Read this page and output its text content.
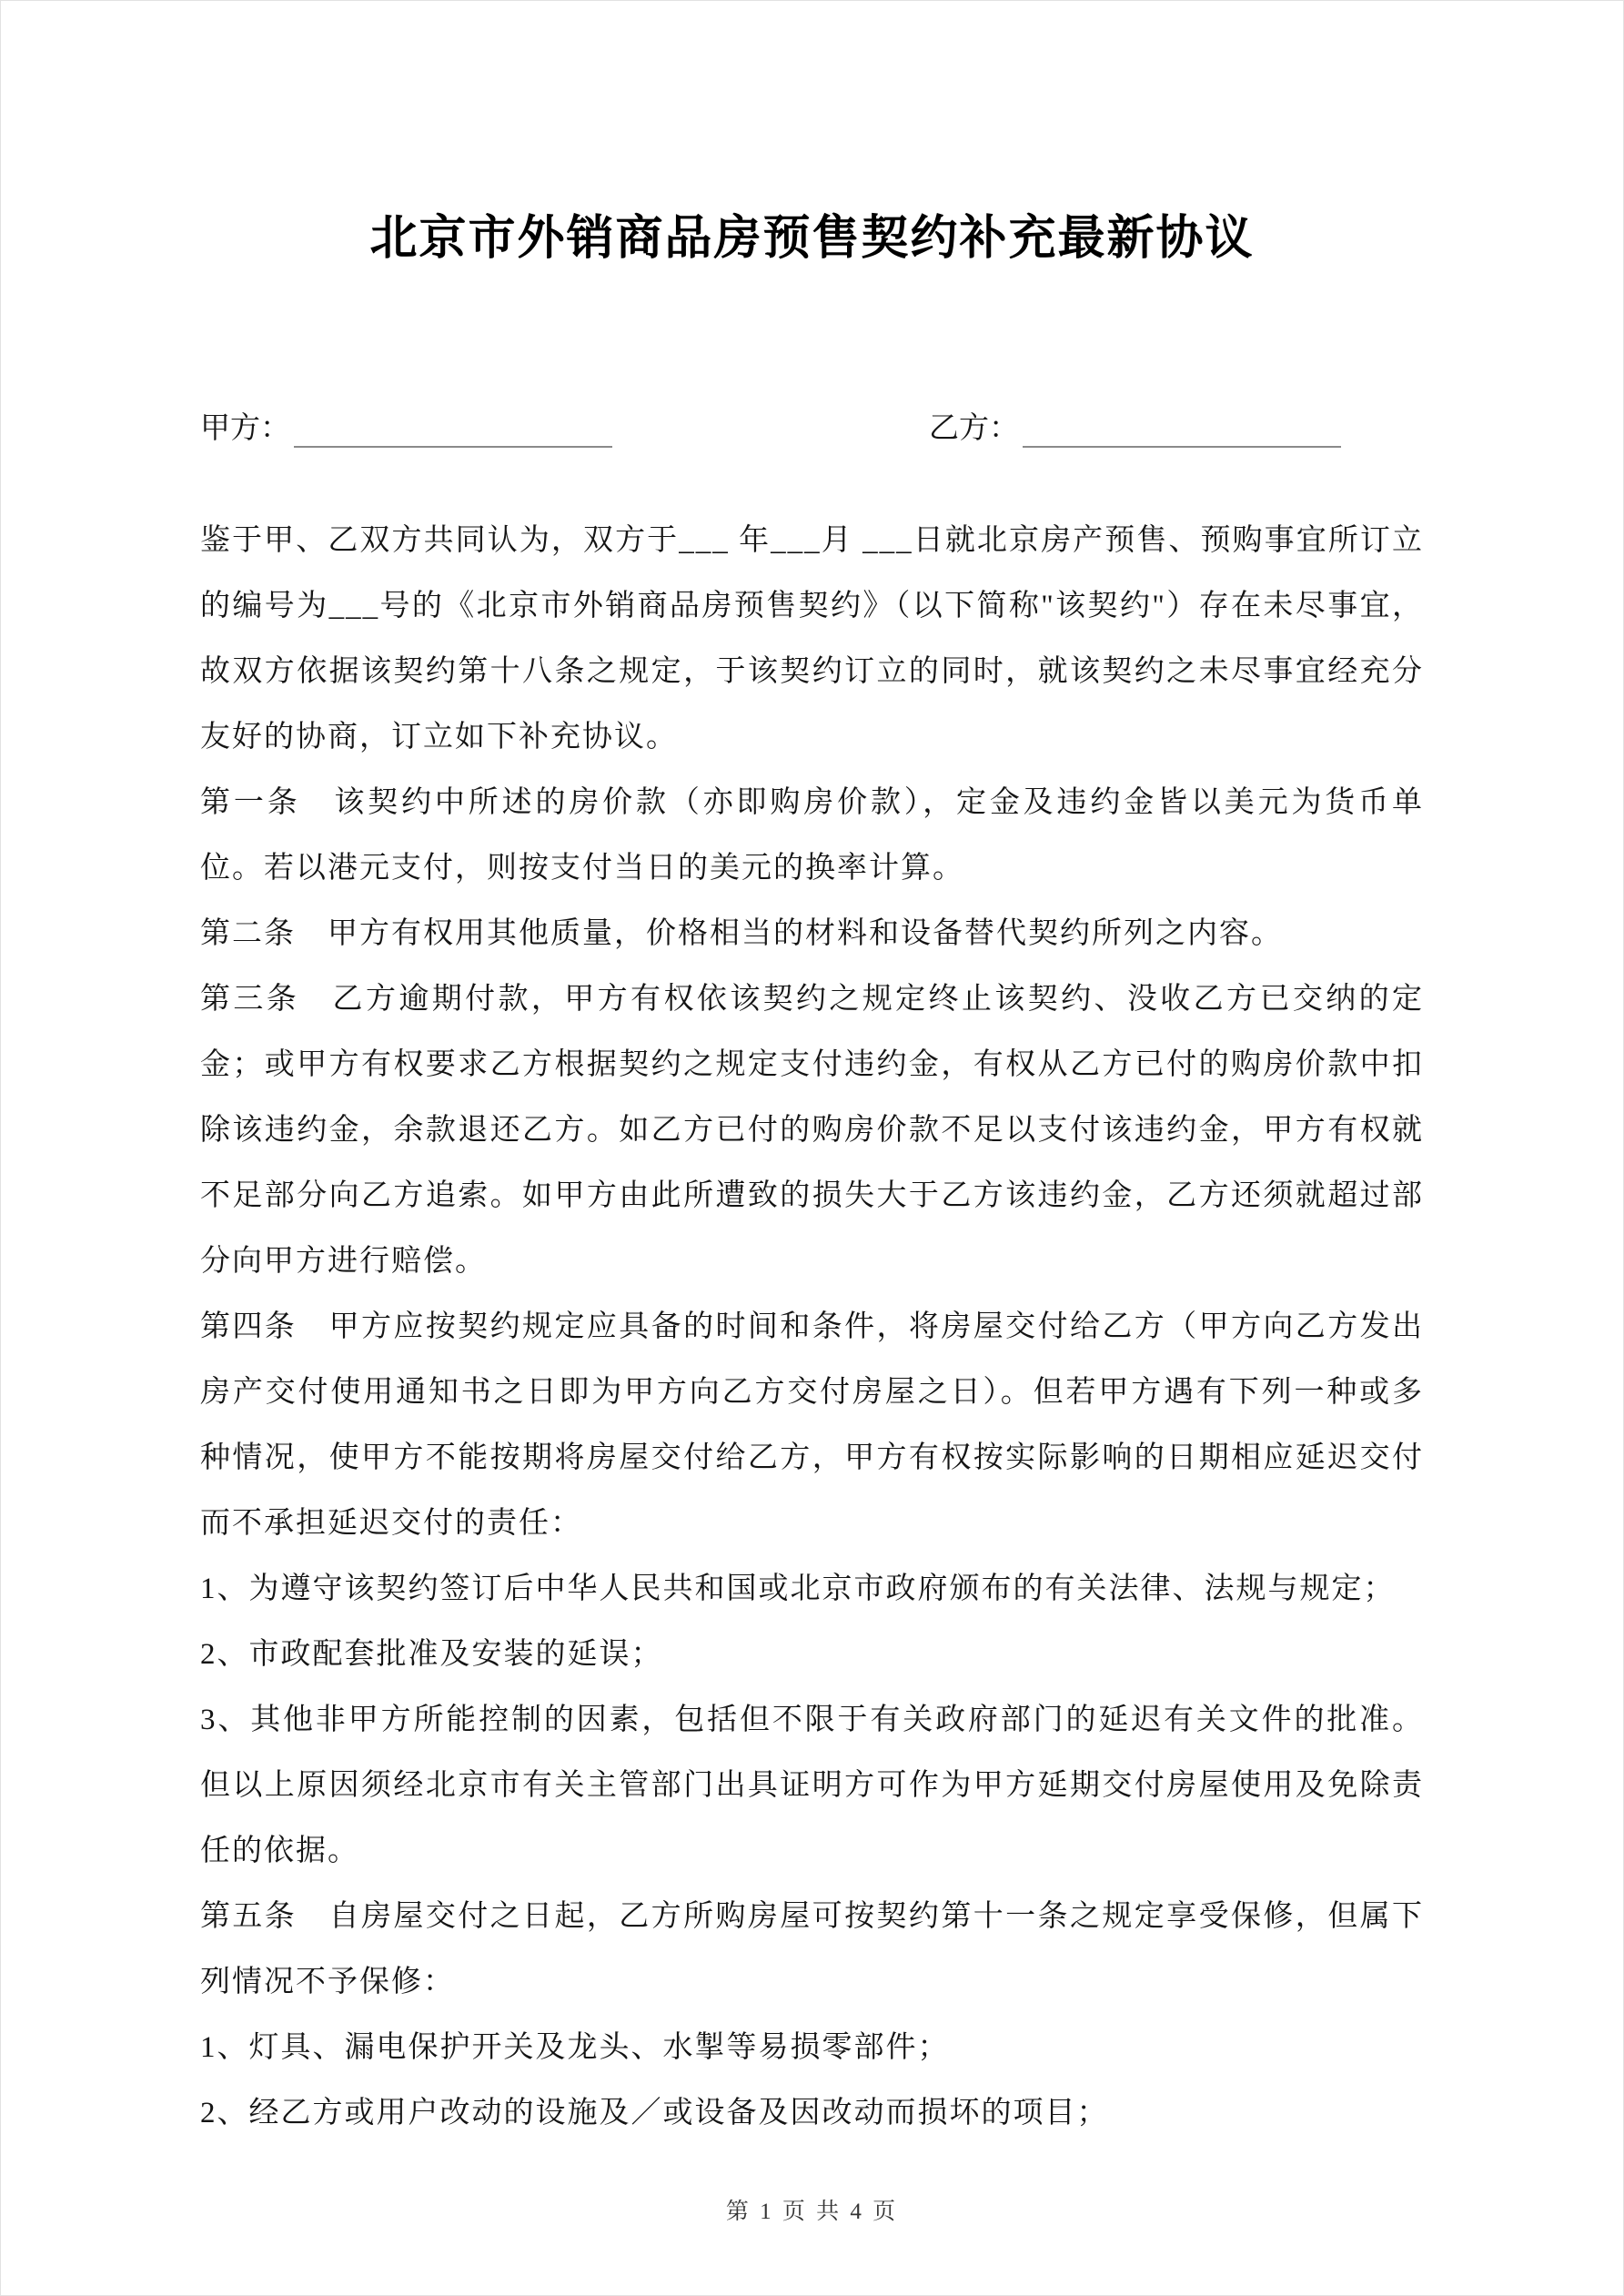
北京市外销商品房预售契约补充最新协议
甲方：	乙方：

鉴于甲、乙双方共同认为，双方于___ 年___月 ___日就北京房产预售、预购事宜所订立的编号为___号的《北京市外销商品房预售契约》（以下简称"该契约"）存在未尽事宜，故双方依据该契约第十八条之规定，于该契约订立的同时，就该契约之未尽事宜经充分友好的协商，订立如下补充协议。

第一条　该契约中所述的房价款（亦即购房价款），定金及违约金皆以美元为货币单位。若以港元支付，则按支付当日的美元的换率计算。

第二条　甲方有权用其他质量，价格相当的材料和设备替代契约所列之内容。

第三条　乙方逾期付款，甲方有权依该契约之规定终止该契约、没收乙方已交纳的定金；或甲方有权要求乙方根据契约之规定支付违约金，有权从乙方已付的购房价款中扣除该违约金，余款退还乙方。如乙方已付的购房价款不足以支付该违约金，甲方有权就不足部分向乙方追索。如甲方由此所遭致的损失大于乙方该违约金，乙方还须就超过部分向甲方进行赔偿。

第四条　甲方应按契约规定应具备的时间和条件，将房屋交付给乙方（甲方向乙方发出房产交付使用通知书之日即为甲方向乙方交付房屋之日）。但若甲方遇有下列一种或多种情况，使甲方不能按期将房屋交付给乙方，甲方有权按实际影响的日期相应延迟交付而不承担延迟交付的责任：

1、为遵守该契约签订后中华人民共和国或北京市政府颁布的有关法律、法规与规定；

2、市政配套批准及安装的延误；

3、其他非甲方所能控制的因素，包括但不限于有关政府部门的延迟有关文件的批准。但以上原因须经北京市有关主管部门出具证明方可作为甲方延期交付房屋使用及免除责任的依据。

第五条　自房屋交付之日起，乙方所购房屋可按契约第十一条之规定享受保修，但属下列情况不予保修：

1、灯具、漏电保护开关及龙头、水掣等易损零部件；

2、经乙方或用户改动的设施及／或设备及因改动而损坏的项目；

第 1 页 共 4 页
